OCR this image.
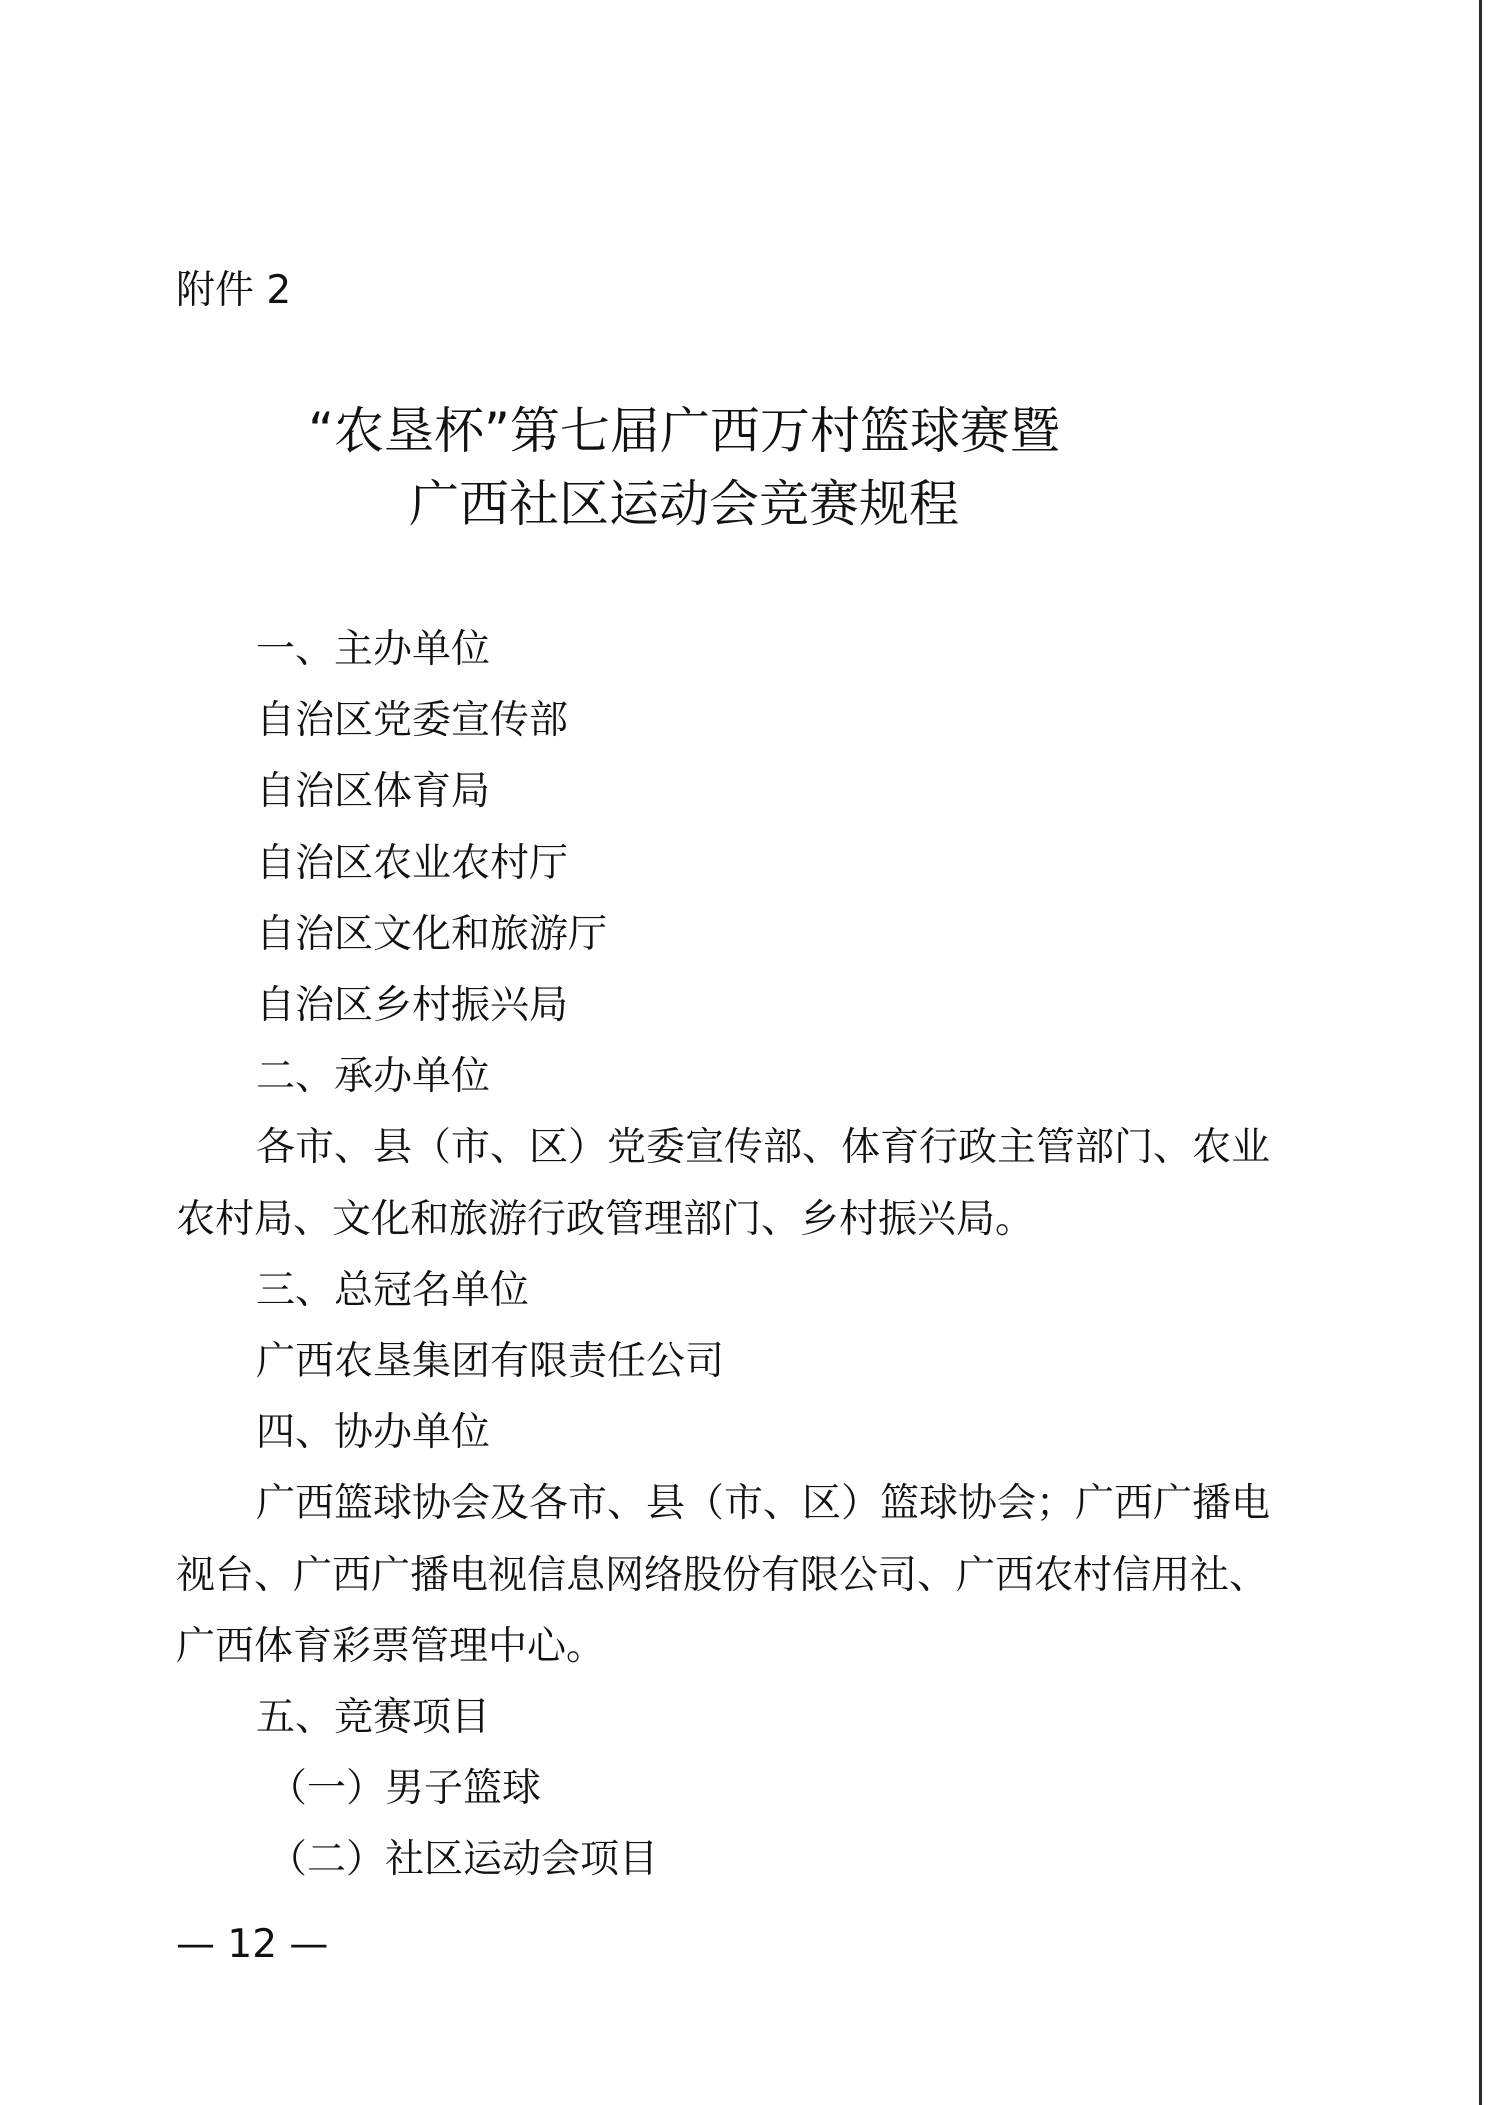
附件 2
“农垦杯”第七届广西万村篮球赛暨
广西社区运动会竞赛规程

一、主办单位

自治区党委宣传部

自治区体育局

自治区农业农村厅

自治区文化和旅游厅

自治区乡村振兴局

二、承办单位

各市、县（市、区）党委宣传部、体育行政主管部门、农业

农村局、文化和旅游行政管理部门、乡村振兴局。

三、总冠名单位

广西农垦集团有限责任公司

四、协办单位

广西篮球协会及各市、县（市、区）篮球协会；广西广播电

视台、广西广播电视信息网络股份有限公司、广西农村信用社、

广西体育彩票管理中心。

五、竞赛项目

（一）男子篮球

（二）社区运动会项目

— 12 —
